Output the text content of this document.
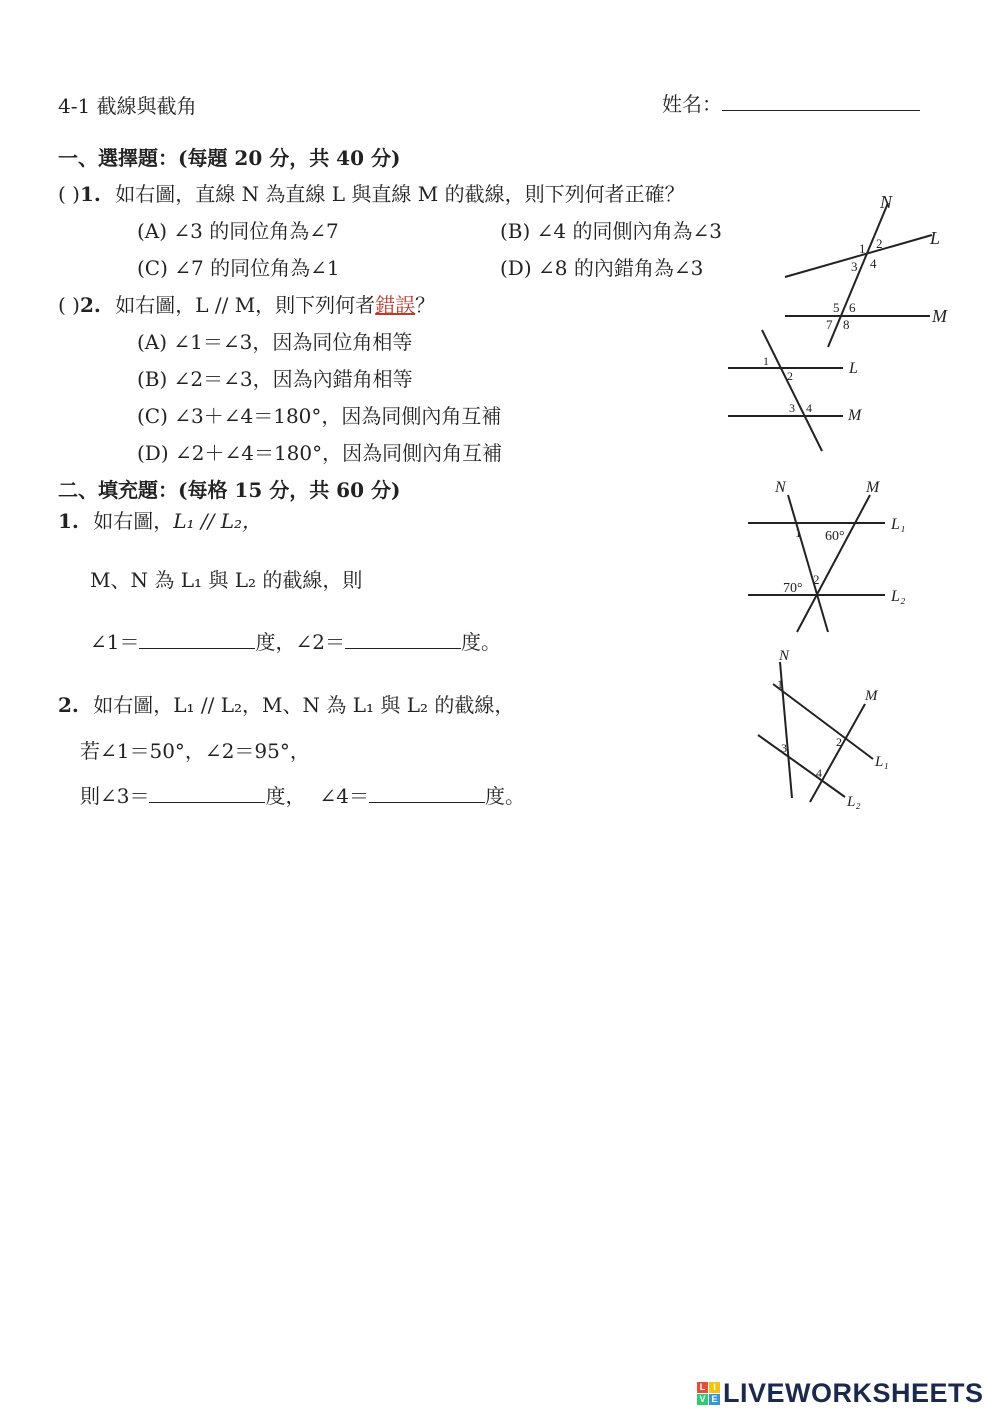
4-1 截線與截角	姓名：
一、選擇題：(每題 20 分，共 40 分)
( )1. 如右圖，直線 N 為直線 L 與直線 M 的截線，則下列何者正確？
(A) ∠3 的同位角為∠7	(B) ∠4 的同側內角為∠3
(C) ∠7 的同位角為∠1	(D) ∠8 的內錯角為∠3
( )2. 如右圖，L // M，則下列何者錯誤？
(A) ∠1＝∠3，因為同位角相等
(B) ∠2＝∠3，因為內錯角相等
(C) ∠3＋∠4＝180°，因為同側內角互補
(D) ∠2＋∠4＝180°，因為同側內角互補
二、填充題：(每格 15 分，共 60 分)
1. 如右圖，L₁ // L₂，
M、N 為 L₁ 與 L₂ 的截線，則
∠1＝	度，∠2＝	度。
2. 如右圖，L₁ // L₂，M、N 為 L₁ 與 L₂ 的截線，
若∠1＝50°，∠2＝95°，
則∠3＝	度， ∠4＝	度。
N
L
M
1 2
3 4
5 6
7 8
L
M
1
2
3 4
N	M
L₁
L₂
1 60°
70°
2
N
M
L₁
L₂
1
2
3
4
L I
V E LIVEWORKSHEETS
